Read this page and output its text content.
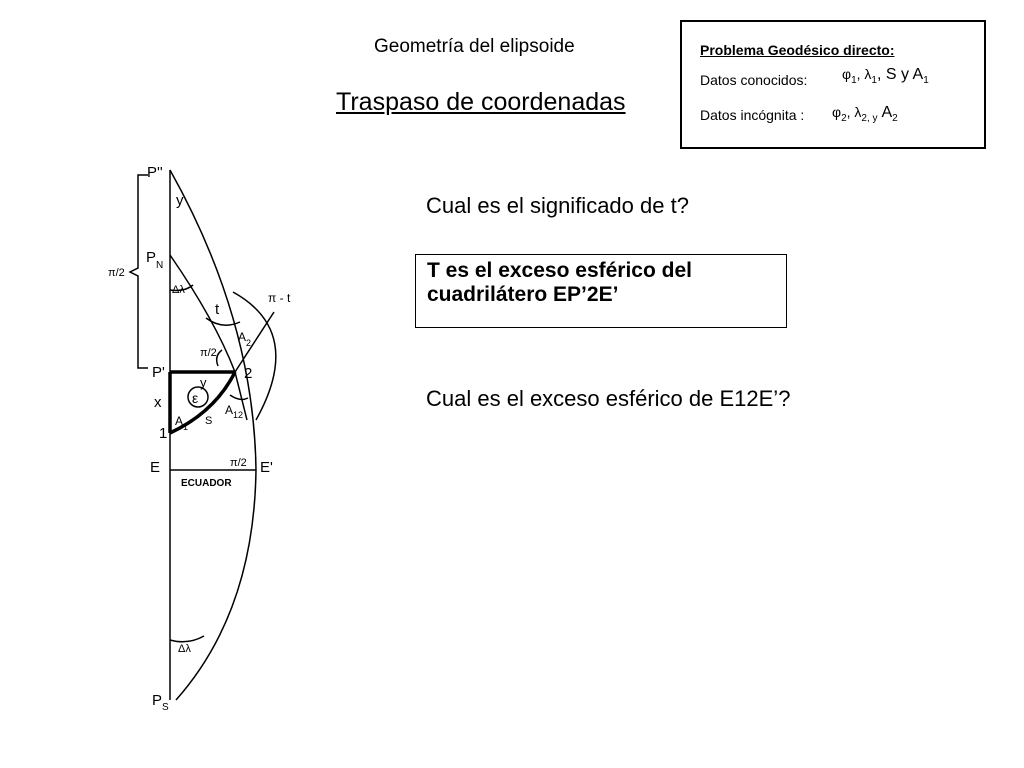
Geometría del elipsoide
Traspaso de coordenadas
Problema Geodésico directo:
Datos conocidos: $\varphi_1$, $\lambda_1$, S y $A_1$
Datos incógnita : $\varphi_2$, $\lambda_{2, y}$ $A_2$
Cual es el significado de t?
T es el exceso esférico del cuadrilátero EP’2E’
Cual es el exceso esférico de E12E’?
P''
y
π/2
P N
Δλ
π - t
t
A 2
π/2
P'	2
y
x ε
A 1 S
A 12
1
E	π/2 E'
ECUADOR
Δλ
P S
